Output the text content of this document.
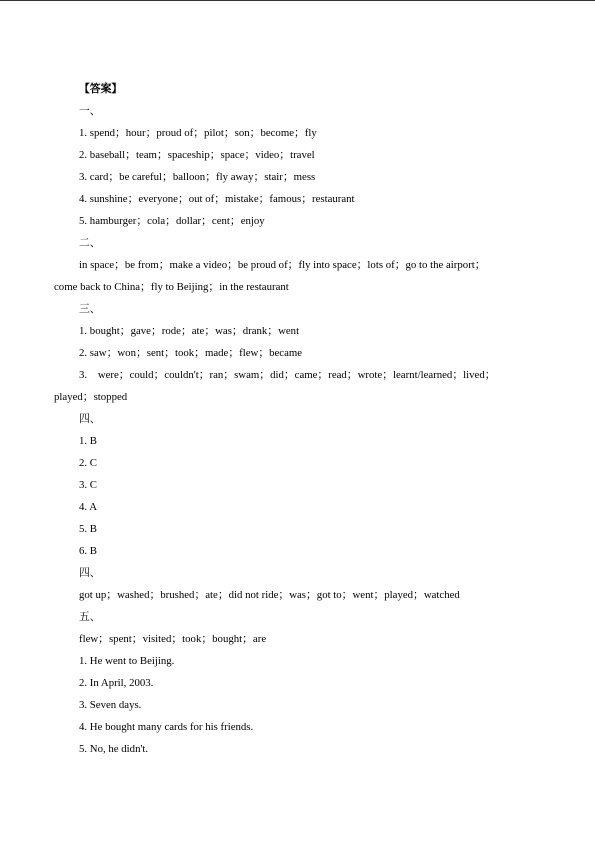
【答案】
一、
1. spend；hour；proud of；pilot；son；become；fly
2. baseball；team；spaceship；space；video；travel
3. card；be careful；balloon；fly away；stair；mess
4. sunshine；everyone；out of；mistake；famous；restaurant
5. hamburger；cola；dollar；cent；enjoy
二、
in space；be from；make a video；be proud of；fly into space；lots of；go to the airport；
come back to China；fly to Beijing；in the restaurant
三、
1. bought；gave；rode；ate；was；drank；went
2. saw；won；sent；took；made；flew；became
3. were；could；couldn't；ran；swam；did；came；read；wrote；learnt/learned；lived；
played；stopped
四、
1. B
2. C
3. C
4. A
5. B
6. B
四、
got up；washed；brushed；ate；did not ride；was；got to；went；played；watched
五、
flew；spent；visited；took；bought；are
1. He went to Beijing.
2. In April, 2003.
3. Seven days.
4. He bought many cards for his friends.
5. No, he didn't.
